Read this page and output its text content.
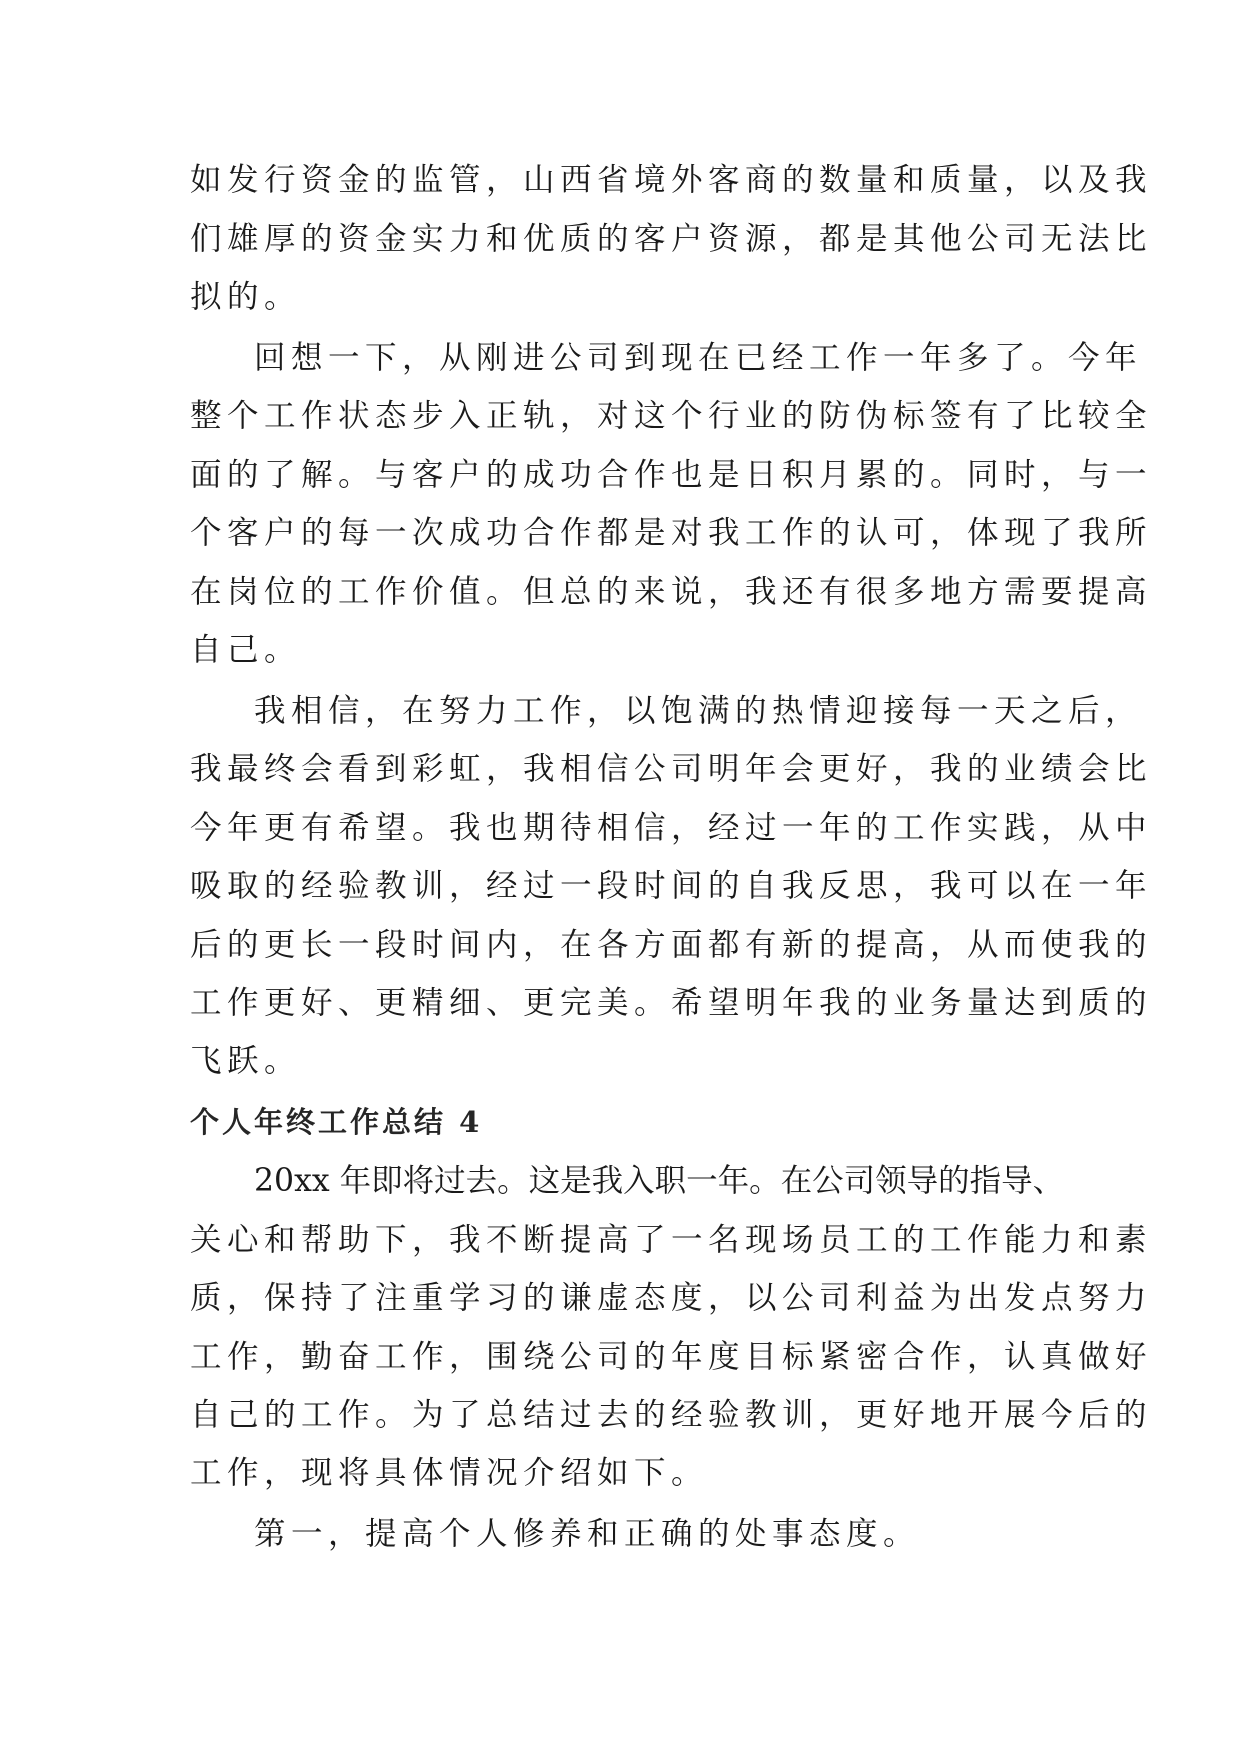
如发行资金的监管，山西省境外客商的数量和质量，以及我

们雄厚的资金实力和优质的客户资源，都是其他公司无法比

拟的。

回想一下，从刚进公司到现在已经工作一年多了。今年

整个工作状态步入正轨，对这个行业的防伪标签有了比较全

面的了解。与客户的成功合作也是日积月累的。同时，与一

个客户的每一次成功合作都是对我工作的认可，体现了我所

在岗位的工作价值。但总的来说，我还有很多地方需要提高

自己。

我相信，在努力工作，以饱满的热情迎接每一天之后，

我最终会看到彩虹，我相信公司明年会更好，我的业绩会比

今年更有希望。我也期待相信，经过一年的工作实践，从中

吸取的经验教训，经过一段时间的自我反思，我可以在一年

后的更长一段时间内，在各方面都有新的提高，从而使我的

工作更好、更精细、更完美。希望明年我的业务量达到质的

飞跃。

个人年终工作总结 4

20xx 年即将过去。这是我入职一年。在公司领导的指导、

关心和帮助下，我不断提高了一名现场员工的工作能力和素

质，保持了注重学习的谦虚态度，以公司利益为出发点努力

工作，勤奋工作，围绕公司的年度目标紧密合作，认真做好

自己的工作。为了总结过去的经验教训，更好地开展今后的

工作，现将具体情况介绍如下。

第一，提高个人修养和正确的处事态度。
